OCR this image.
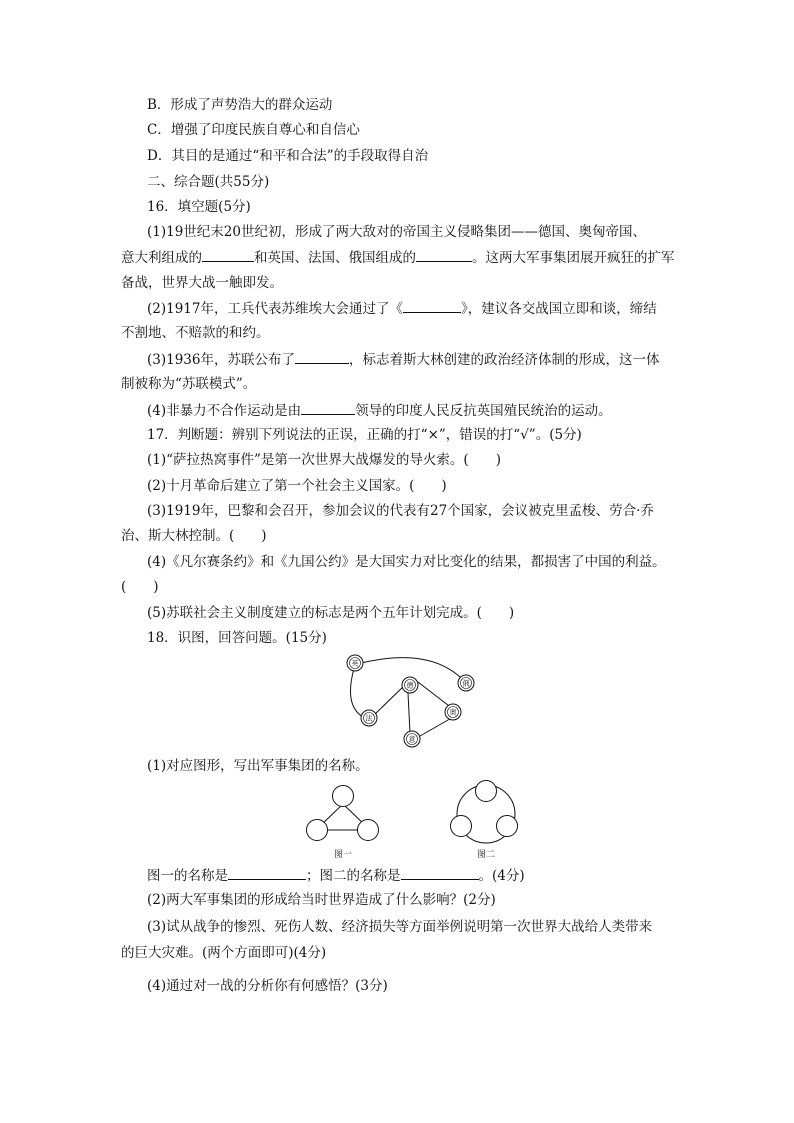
B．形成了声势浩大的群众运动
C．增强了印度民族自尊心和自信心
D．其目的是通过“和平和合法”的手段取得自治
二、综合题(共55分)
16．填空题(5分)
(1)19世纪末20世纪初，形成了两大敌对的帝国主义侵略集团——德国、奥匈帝国、
意大利组成的	和英国、法国、俄国组成的	。这两大军事集团展开疯狂的扩军
备战，世界大战一触即发。
(2)1917年，工兵代表苏维埃大会通过了《	》，建议各交战国立即和谈，缔结
不割地、不赔款的和约。
(3)1936年，苏联公布了	，标志着斯大林创建的政治经济体制的形成，这一体
制被称为“苏联模式”。
(4)非暴力不合作运动是由	领导的印度人民反抗英国殖民统治的运动。
17．判断题：辨别下列说法的正误，正确的打“×”，错误的打“√”。(5分)
(1)“萨拉热窝事件”是第一次世界大战爆发的导火索。(　　)
(2)十月革命后建立了第一个社会主义国家。(　　)
(3)1919年，巴黎和会召开，参加会议的代表有27个国家，会议被克里孟梭、劳合·乔
治、斯大林控制。(　　)
(4)《凡尔赛条约》和《九国公约》是大国实力对比变化的结果，都损害了中国的利益。
(　　)
(5)苏联社会主义制度建立的标志是两个五年计划完成。(　　)
18．识图，回答问题。(15分)
英
俄
德
法
奥
意
(1)对应图形，写出军事集团的名称。
图一	图二
图一的名称是	；图二的名称是	。(4分)
(2)两大军事集团的形成给当时世界造成了什么影响？(2分)
(3)试从战争的惨烈、死伤人数、经济损失等方面举例说明第一次世界大战给人类带来
的巨大灾难。(两个方面即可)(4分)
(4)通过对一战的分析你有何感悟？(3分)
